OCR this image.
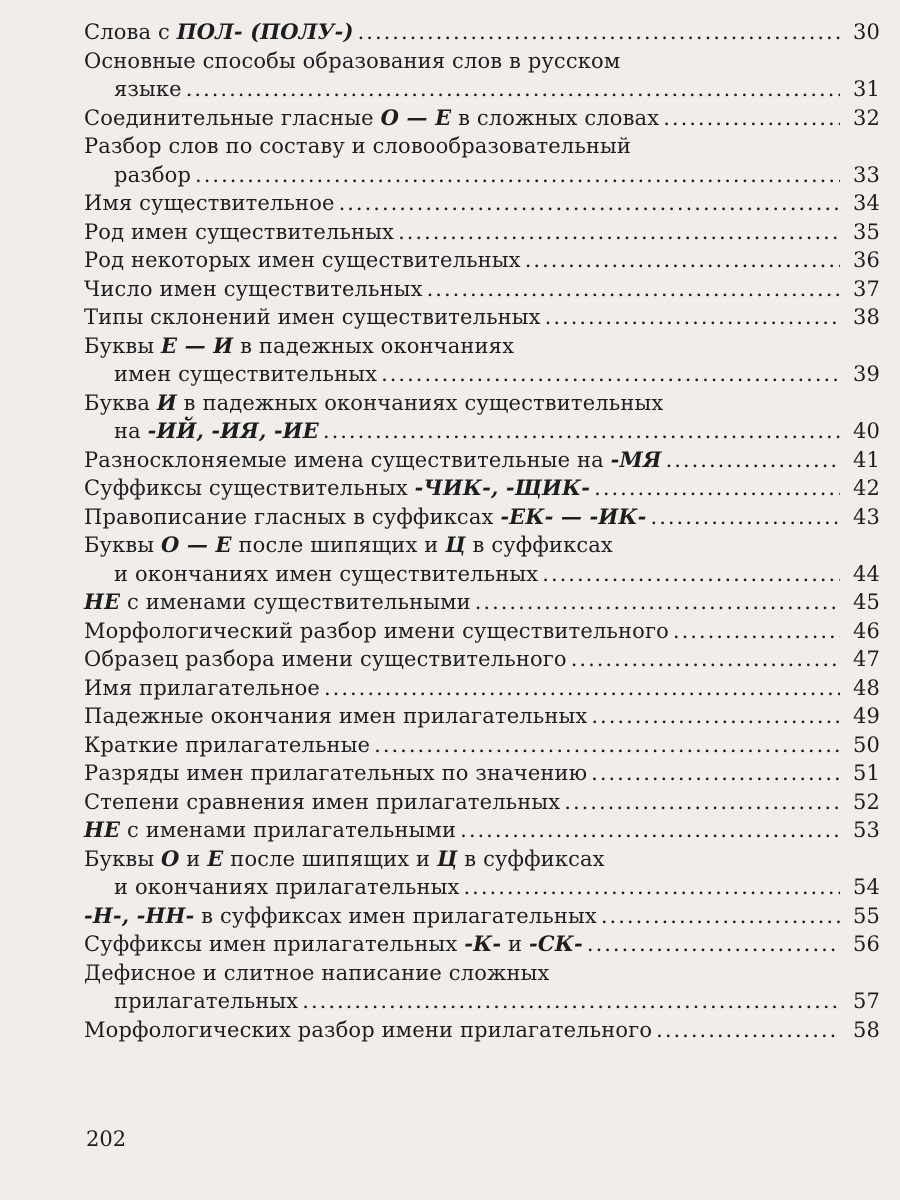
Слова с ПОЛ- (ПОЛУ-) .....	30
Основные способы образования слов в русском
языке .....	31
Соединительные гласные О — Е в сложных словах .....	32
Разбор слов по составу и словообразовательный
разбор .....	33
Имя существительное .....	34
Род имен существительных .....	35
Род некоторых имен существительных .....	36
Число имен существительных .....	37
Типы склонений имен существительных .....	38
Буквы Е — И в падежных окончаниях
имен существительных .....	39
Буква И в падежных окончаниях существительных
на -ИЙ, -ИЯ, -ИЕ .....	40
Разносклоняемые имена существительные на -МЯ .....	41
Суффиксы существительных -ЧИК-, -ЩИК- .....	42
Правописание гласных в суффиксах -ЕК- — -ИК- .....	43
Буквы О — Е после шипящих и Ц в суффиксах
и окончаниях имен существительных .....	44
НЕ с именами существительными .....	45
Морфологический разбор имени существительного .....	46
Образец разбора имени существительного .....	47
Имя прилагательное .....	48
Падежные окончания имен прилагательных .....	49
Краткие прилагательные .....	50
Разряды имен прилагательных по значению .....	51
Степени сравнения имен прилагательных .....	52
НЕ с именами прилагательными .....	53
Буквы О и Е после шипящих и Ц в суффиксах
и окончаниях прилагательных .....	54
-Н-, -НН- в суффиксах имен прилагательных .....	55
Суффиксы имен прилагательных -К- и -СК- .....	56
Дефисное и слитное написание сложных
прилагательных .....	57
Морфологических разбор имени прилагательного .....	58
202
